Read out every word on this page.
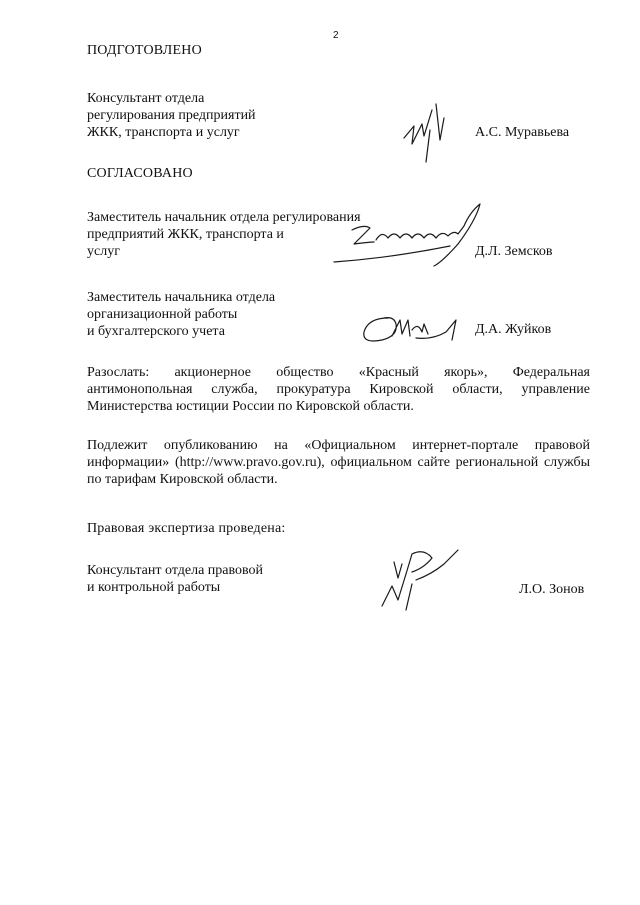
2
ПОДГОТОВЛЕНО
Консультант отдела
регулирования предприятий
ЖКК, транспорта и услуг	А.С. Муравьева
СОГЛАСОВАНО
Заместитель начальник отдела регулирования
предприятий ЖКК, транспорта и
услуг	Д.Л. Земсков
Заместитель начальника отдела
организационной работы
и бухгалтерского учета	Д.А. Жуйков
Разослать: акционерное общество «Красный якорь», Федеральная антимонопольная служба, прокуратура Кировской области, управление Министерства юстиции России по Кировской области.
Подлежит опубликованию на «Официальном интернет-портале правовой информации» (http://www.pravo.gov.ru), официальном сайте региональной службы по тарифам Кировской области.
Правовая экспертиза проведена:
Консультант отдела правовой
и контрольной работы	Л.О. Зонов
